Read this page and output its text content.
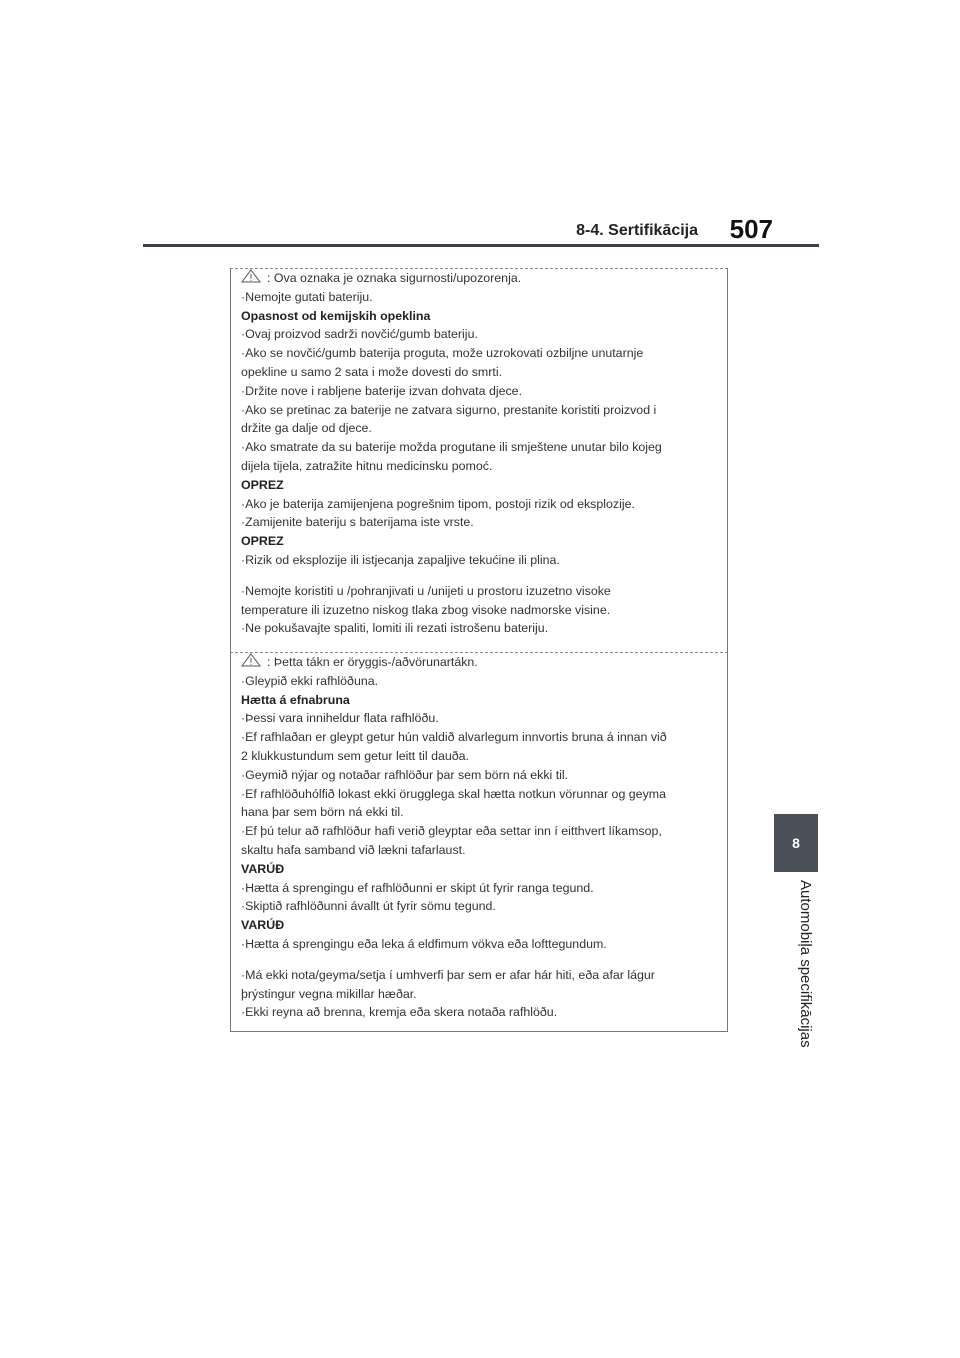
8-4. Sertifikācija 507
8
Automobiļa specifikācijas
: Ova oznaka je oznaka sigurnosti/upozorenja.
·Nemojte gutati bateriju.
Opasnost od kemijskih opeklina
·Ovaj proizvod sadrži novčić/gumb bateriju.
·Ako se novčić/gumb baterija proguta, može uzrokovati ozbiljne unutarnje
opekline u samo 2 sata i može dovesti do smrti.
·Držite nove i rabljene baterije izvan dohvata djece.
·Ako se pretinac za baterije ne zatvara sigurno, prestanite koristiti proizvod i
držite ga dalje od djece.
·Ako smatrate da su baterije možda progutane ili smještene unutar bilo kojeg
dijela tijela, zatražite hitnu medicinsku pomoć.
OPREZ
·Ako je baterija zamijenjena pogrešnim tipom, postoji rizik od eksplozije.
·Zamijenite bateriju s baterijama iste vrste.
OPREZ
·Rizik od eksplozije ili istjecanja zapaljive tekućine ili plina.
·Nemojte koristiti u /pohranjivati u /unijeti u prostoru izuzetno visoke
temperature ili izuzetno niskog tlaka zbog visoke nadmorske visine.
·Ne pokušavajte spaliti, lomiti ili rezati istrošenu bateriju.
: Þetta tákn er öryggis-/aðvörunartákn.
·Gleypið ekki rafhlöðuna.
Hætta á efnabruna
·Þessi vara inniheldur flata rafhlöðu.
·Ef rafhlaðan er gleypt getur hún valdið alvarlegum innvortis bruna á innan við
2 klukkustundum sem getur leitt til dauða.
·Geymið nýjar og notaðar rafhlöður þar sem börn ná ekki til.
·Ef rafhlöðuhólfið lokast ekki örugglega skal hætta notkun vörunnar og geyma
hana þar sem börn ná ekki til.
·Ef þú telur að rafhlöður hafi verið gleyptar eða settar inn í eitthvert líkamsop,
skaltu hafa samband við lækni tafarlaust.
VARÚÐ
·Hætta á sprengingu ef rafhlöðunni er skipt út fyrir ranga tegund.
·Skiptið rafhlöðunni ávallt út fyrir sömu tegund.
VARÚÐ
·Hætta á sprengingu eða leka á eldfimum vökva eða lofttegundum.
·Má ekki nota/geyma/setja í umhverfi þar sem er afar hár hiti, eða afar lágur
þrýstingur vegna mikillar hæðar.
·Ekki reyna að brenna, kremja eða skera notaða rafhlöðu.
